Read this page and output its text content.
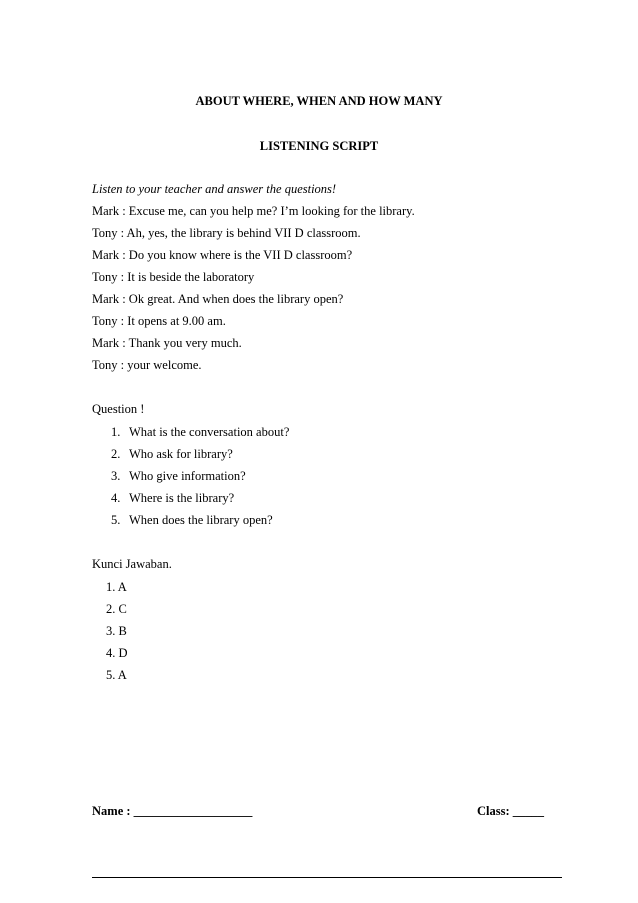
ABOUT WHERE, WHEN AND HOW MANY
LISTENING SCRIPT
Listen to your teacher and answer the questions!
Mark : Excuse me, can you help me? I’m looking for the library.
Tony : Ah, yes, the library is behind VII D classroom.
Mark : Do you know where is the VII D classroom?
Tony : It is beside the laboratory
Mark : Ok great. And when does the library open?
Tony : It opens at 9.00 am.
Mark : Thank you very much.
Tony : your welcome.
Question !
1. What is the conversation about?
2. Who ask for library?
3. Who give information?
4. Where is the library?
5. When does the library open?
Kunci Jawaban.
1. A
2. C
3. B
4. D
5. A
Name : ___________________	Class: _____
